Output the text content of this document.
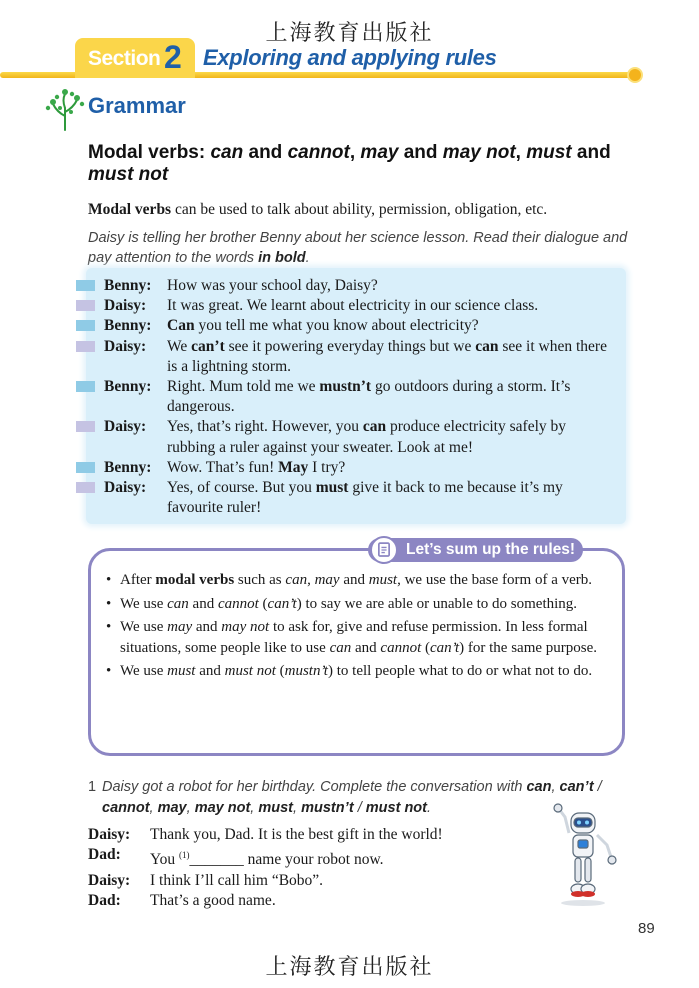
上海教育出版社
Section 2 Exploring and applying rules
Grammar
Modal verbs: can and cannot, may and may not, must and must not
Modal verbs can be used to talk about ability, permission, obligation, etc.
Daisy is telling her brother Benny about her science lesson. Read their dialogue and pay attention to the words in bold.
Benny: How was your school day, Daisy?
Daisy: It was great. We learnt about electricity in our science class.
Benny: Can you tell me what you know about electricity?
Daisy: We can’t see it powering everyday things but we can see it when there is a lightning storm.
Benny: Right. Mum told me we mustn’t go outdoors during a storm. It’s dangerous.
Daisy: Yes, that’s right. However, you can produce electricity safely by rubbing a ruler against your sweater. Look at me!
Benny: Wow. That’s fun! May I try?
Daisy: Yes, of course. But you must give it back to me because it’s my favourite ruler!
Let’s sum up the rules!
• After modal verbs such as can, may and must, we use the base form of a verb.
• We use can and cannot (can’t) to say we are able or unable to do something.
• We use may and may not to ask for, give and refuse permission. In less formal situations, some people like to use can and cannot (can’t) for the same purpose.
• We use must and must not (mustn’t) to tell people what to do or what not to do.
1 Daisy got a robot for her birthday. Complete the conversation with can, can’t / cannot, may, may not, must, mustn’t / must not.
Daisy: Thank you, Dad. It is the best gift in the world!
Dad: You $^{(1)}$_______ name your robot now.
Daisy: I think I’ll call him “Bobo”.
Dad: That’s a good name.
89
上海教育出版社
